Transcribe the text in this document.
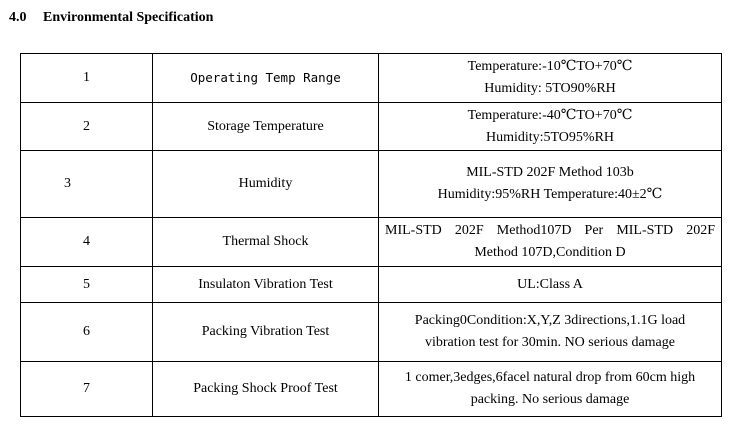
4.0 Environmental Specification
1	Operating Temp Range	Temperature:-10℃TO+70℃
Humidity: 5TO90%RH

2	Storage Temperature	Temperature:-40℃TO+70℃
Humidity:5TO95%RH

3	Humidity	MIL-STD 202F Method 103b
Humidity:95%RH Temperature:40±2℃

4	Thermal Shock	MIL-STD 202F Method107D Per MIL-STD 202F
Method 107D,Condition D

5	Insulaton Vibration Test	UL:Class A

6	Packing Vibration Test	Packing0Condition:X,Y,Z 3directions,1.1G load
vibration test for 30min. NO serious damage

7	Packing Shock Proof Test	1 comer,3edges,6facel natural drop from 60cm high
packing. No serious damage
